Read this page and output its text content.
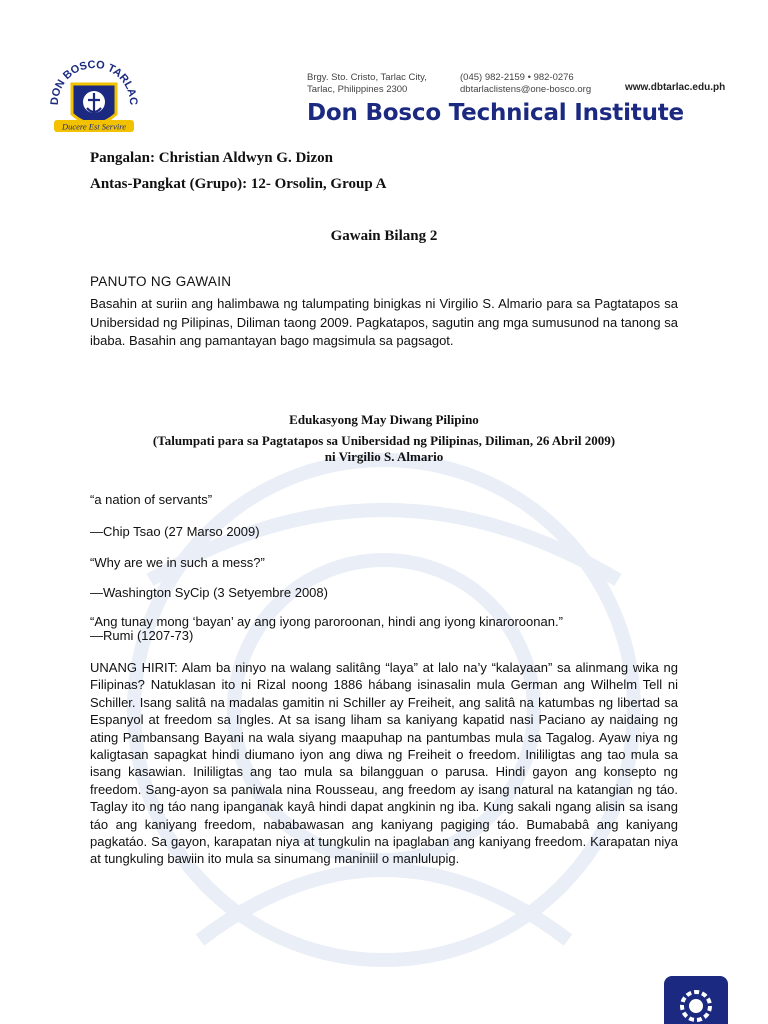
DON BOSCO TARLAC
Ducere Est Servire
Brgy. Sto. Cristo, Tarlac City,
Tarlac, Philippines 2300
(045) 982-2159 • 982-0276
dbtarlaclistens@one-bosco.org	www.dbtarlac.edu.ph
Don Bosco Technical Institute
Pangalan: Christian Aldwyn G. Dizon
Antas-Pangkat (Grupo): 12- Orsolin, Group A
Gawain Bilang 2
PANUTO NG GAWAIN
Basahin at suriin ang halimbawa ng talumpating binigkas ni Virgilio S. Almario para sa Pagtatapos sa Unibersidad ng Pilipinas, Diliman taong 2009. Pagkatapos, sagutin ang mga sumusunod na tanong sa ibaba. Basahin ang pamantayan bago magsimula sa pagsagot.
Edukasyong May Diwang Pilipino
(Talumpati para sa Pagtatapos sa Unibersidad ng Pilipinas, Diliman, 26 Abril 2009)
ni Virgilio S. Almario
“a nation of servants”
—Chip Tsao (27 Marso 2009)
“Why are we in such a mess?”
—Washington SyCip (3 Setyembre 2008)
“Ang tunay mong ‘bayan’ ay ang iyong paroroonan, hindi ang iyong kinaroroonan.”
—Rumi (1207-73)
UNANG HIRIT: Alam ba ninyo na walang salitâng “laya” at lalo na’y “kalayaan” sa alinmang wika ng Filipinas? Natuklasan ito ni Rizal noong 1886 hábang isinasalin mula German ang Wilhelm Tell ni Schiller. Isang salitâ na madalas gamitin ni Schiller ay Freiheit, ang salitâ na katumbas ng libertad sa Espanyol at freedom sa Ingles. At sa isang liham sa kaniyang kapatid nasi Paciano ay naidaing ng ating Pambansang Bayani na wala siyang maapuhap na pantumbas mula sa Tagalog. Ayaw niya ng kaligtasan sapagkat hindi diumano iyon ang diwa ng Freiheit o freedom. Inililigtas ang tao mula sa isang kasawian. Inililigtas ang tao mula sa bilangguan o parusa. Hindi gayon ang konsepto ng freedom. Sang-ayon sa paniwala nina Rousseau, ang freedom ay isang natural na katangian ng táo. Taglay ito ng táo nang ipanganak kayâ hindi dapat angkinin ng iba. Kung sakali ngang alisin sa isang táo ang kaniyang freedom, nababawasan ang kaniyang pagiging táo. Bumababâ ang kaniyang pagkatáo. Sa gayon, karapatan niya at tungkulin na ipaglaban ang kaniyang freedom. Karapatan niya at tungkuling bawiin ito mula sa sinumang maniniil o manlulupig.
